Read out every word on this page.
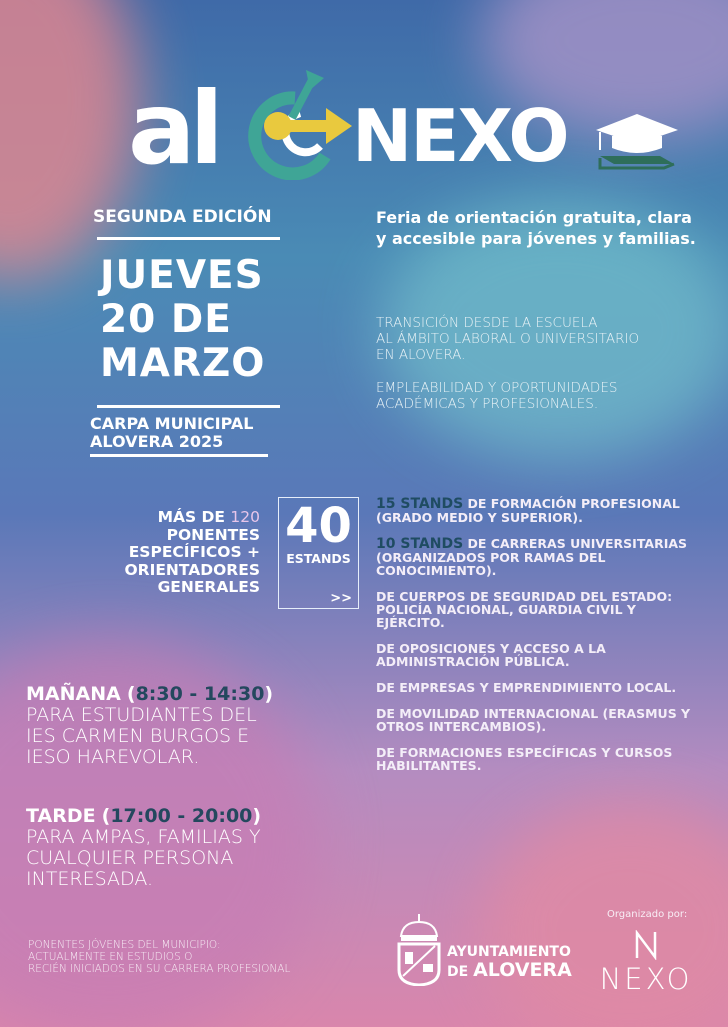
al NEXO
SEGUNDA EDICIÓN
JUEVES
20 DE
MARZO
CARPA MUNICIPAL
ALOVERA 2025
Feria de orientación gratuita, clara y accesible para jóvenes y familias.
TRANSICIÓN DESDE LA ESCUELA
AL ÁMBITO LABORAL O UNIVERSITARIO
EN ALOVERA.
EMPLEABILIDAD Y OPORTUNIDADES
ACADÉMICAS Y PROFESIONALES.
MÁS DE 120
PONENTES
ESPECÍFICOS +
ORIENTADORES
GENERALES
40
ESTANDS
>>

15 STANDS DE FORMACIÓN PROFESIONAL (GRADO MEDIO Y SUPERIOR).

10 STANDS DE CARRERAS UNIVERSITARIAS (ORGANIZADOS POR RAMAS DEL CONOCIMIENTO).

DE CUERPOS DE SEGURIDAD DEL ESTADO: POLICÍA NACIONAL, GUARDIA CIVIL Y EJÉRCITO.

DE OPOSICIONES Y ACCESO A LA ADMINISTRACIÓN PÚBLICA.

DE EMPRESAS Y EMPRENDIMIENTO LOCAL.

DE MOVILIDAD INTERNACIONAL (ERASMUS Y OTROS INTERCAMBIOS).

DE FORMACIONES ESPECÍFICAS Y CURSOS HABILITANTES.

MAÑANA (8:30 - 14:30)
PARA ESTUDIANTES DEL IES CARMEN BURGOS E IESO HAREVOLAR.
TARDE (17:00 - 20:00)
PARA AMPAS, FAMILIAS Y CUALQUIER PERSONA INTERESADA.
PONENTES JÓVENES DEL MUNICIPIO:
ACTUALMENTE EN ESTUDIOS O
RECIÉN INICIADOS EN SU CARRERA PROFESIONAL
AYUNTAMIENTO
DE ALOVERA
Organizado por:
NEXO
